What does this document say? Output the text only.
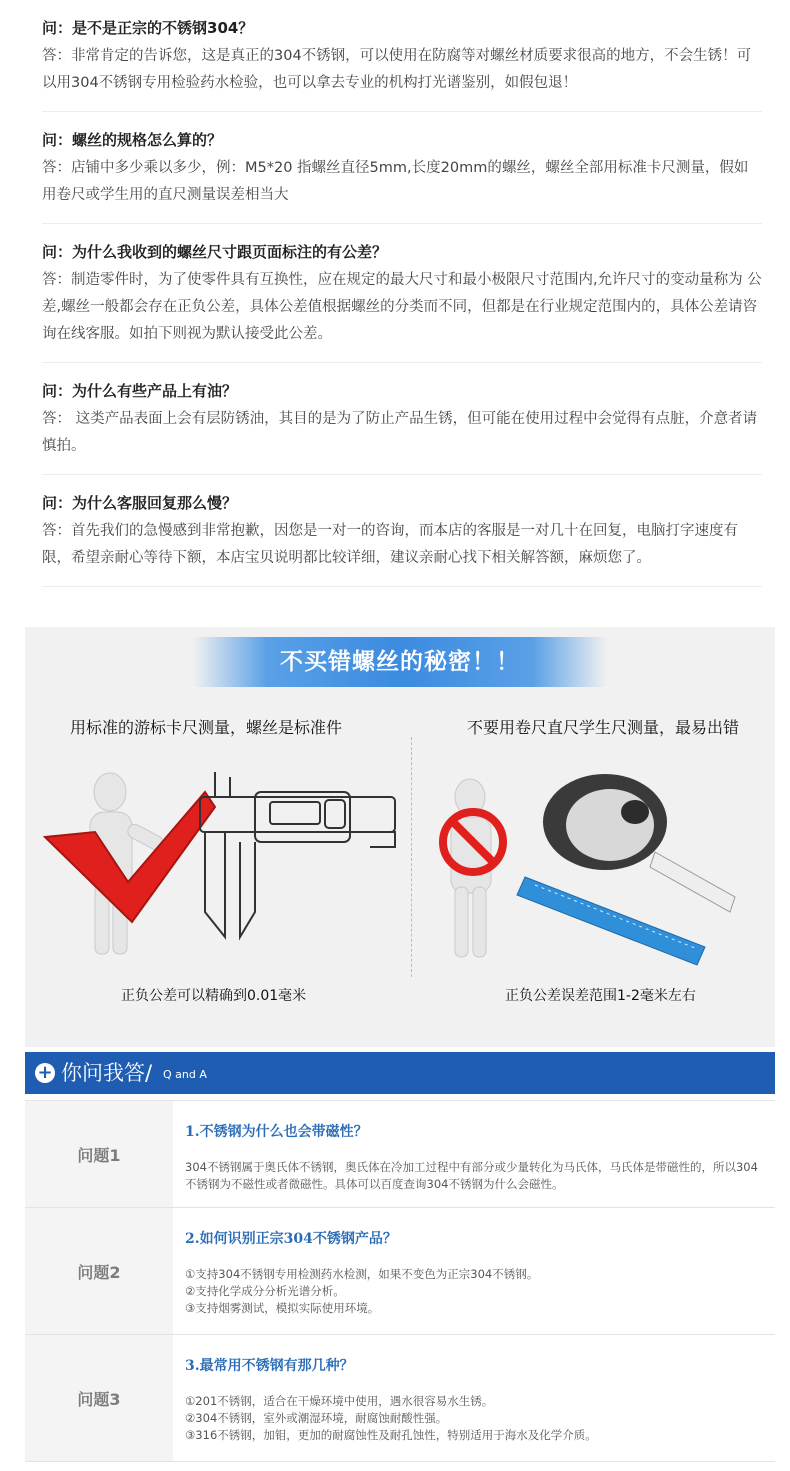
问：是不是正宗的不锈钢304？
答：非常肯定的告诉您，这是真正的304不锈钢，可以使用在防腐等对螺丝材质要求很高的地方，不会生锈！可以用304不锈钢专用检验药水检验，也可以拿去专业的机构打光谱鉴别，如假包退！
问：螺丝的规格怎么算的？
答：店铺中多少乘以多少，例：M5*20 指螺丝直径5mm,长度20mm的螺丝，螺丝全部用标准卡尺测量，假如用卷尺或学生用的直尺测量误差相当大
问：为什么我收到的螺丝尺寸跟页面标注的有公差？
答：制造零件时，为了使零件具有互换性，应在规定的最大尺寸和最小极限尺寸范围内,允许尺寸的变动量称为 公差,螺丝一般都会存在正负公差，具体公差值根据螺丝的分类而不同，但都是在行业规定范围内的，具体公差请咨询在线客服。如拍下则视为默认接受此公差。
问：为什么有些产品上有油？
答： 这类产品表面上会有层防锈油，其目的是为了防止产品生锈，但可能在使用过程中会觉得有点脏，介意者请慎拍。
问：为什么客服回复那么慢？
答：首先我们的急慢感到非常抱歉，因您是一对一的咨询，而本店的客服是一对几十在回复，电脑打字速度有限，希望亲耐心等待下额，本店宝贝说明都比较详细，建议亲耐心找下相关解答额，麻烦您了。
不买错螺丝的秘密！！
用标准的游标卡尺测量，螺丝是标准件	不要用卷尺直尺学生尺测量，最易出错
正负公差可以精确到0.01毫米	正负公差误差范围1-2毫米左右
+ 你问我答/ Q and A
问题1
1.不锈钢为什么也会带磁性？
304不锈钢属于奥氏体不锈钢，奥氏体在冷加工过程中有部分或少量转化为马氏体，马氏体是带磁性的，所以304不锈钢为不磁性或者微磁性。具体可以百度查询304不锈钢为什么会磁性。
问题2
2.如何识别正宗304不锈钢产品？
①支持304不锈钢专用检测药水检测，如果不变色为正宗304不锈钢。
②支持化学成分分析光谱分析。
③支持烟雾测试，模拟实际使用环境。
问题3
3.最常用不锈钢有那几种？
①201不锈钢，适合在干燥环境中使用，遇水很容易水生锈。
②304不锈钢，室外或潮湿环境，耐腐蚀耐酸性强。
③316不锈钢，加钼，更加的耐腐蚀性及耐孔蚀性，特别适用于海水及化学介质。
